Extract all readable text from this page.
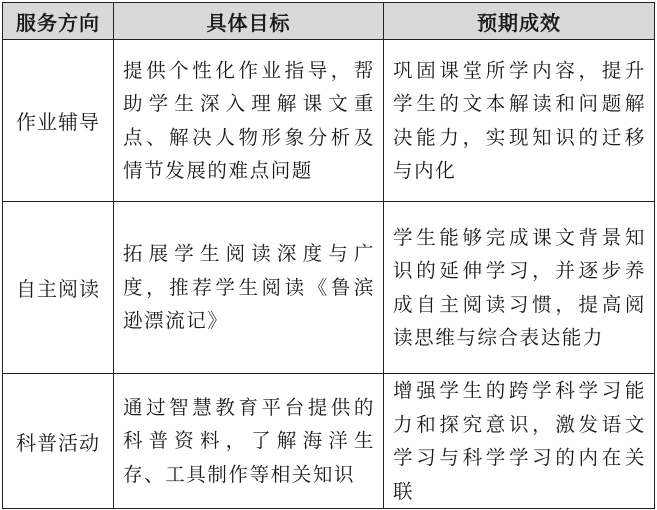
服务方向	具体目标	预期成效
作业辅导	提供个性化作业指导，帮助学生深入理解课文重点、解决人物形象分析及情节发展的难点问题	巩固课堂所学内容，提升学生的文本解读和问题解决能力，实现知识的迁移与内化
自主阅读	拓展学生阅读深度与广度，推荐学生阅读《鲁滨逊漂流记》	学生能够完成课文背景知识的延伸学习，并逐步养成自主阅读习惯，提高阅读思维与综合表达能力
科普活动	通过智慧教育平台提供的科普资料，了解海洋生存、工具制作等相关知识	增强学生的跨学科学习能力和探究意识，激发语文学习与科学学习的内在关联
